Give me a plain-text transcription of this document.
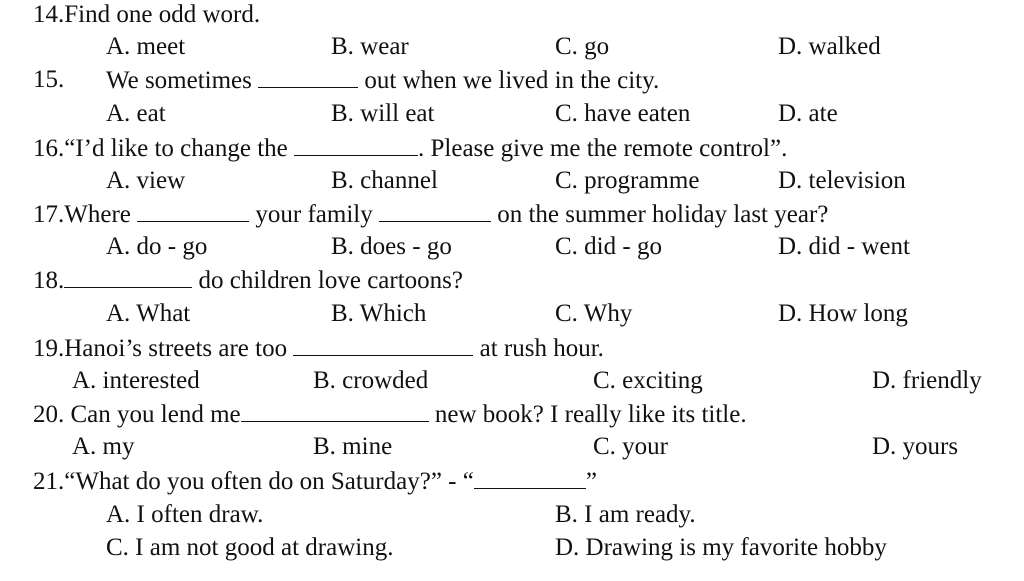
14.Find one odd word.
A. meet	B. wear	C. go	D. walked
15. We sometimes	out when we lived in the city.
A. eat	B. will eat	C. have eaten	D. ate
16.“I’d like to change the	. Please give me the remote control”.
A. view	B. channel	C. programme	D. television
17.Where	your family	on the summer holiday last year?
A. do - go	B. does - go	C. did - go	D. did - went
18.	do children love cartoons?
A. What	B. Which	C. Why	D. How long
19.Hanoi’s streets are too	at rush hour.
A. interested	B. crowded	C. exciting	D. friendly
20. Can you lend me	new book? I really like its title.
A. my	B. mine	C. your	D. yours
21.“What do you often do on Saturday?” - “	”
A. I often draw.	B. I am ready.
C. I am not good at drawing.	D. Drawing is my favorite hobby
